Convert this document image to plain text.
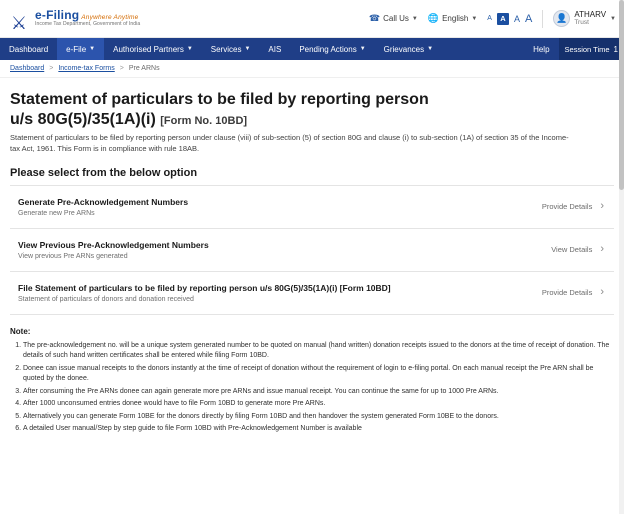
⚔ e-Filing Anywhere Anytime
Income Tax Department, Government of India
☎ Call Us ▼ 🌐 English ▼ A	A A A	👤 ATHARV
Trust
▼
Dashboard e-File ▼ Authorised Partners ▼ Services ▼ AIS Pending Actions ▼ Grievances ▼	Help Session Time 1
Dashboard > Income-tax Forms > Pre ARNs
Statement of particulars to be filed by reporting person
u/s 80G(5)/35(1A)(i) [Form No. 10BD]
Statement of particulars to be filed by reporting person under clause (viii) of sub-section (5) of section 80G and clause (i) to sub-section (1A) of section 35 of the Income-tax Act, 1961. This Form is in compliance with rule 18AB.
Please select from the below option
Generate Pre-Acknowledgement Numbers
Generate new Pre ARNs
Provide Details ›
View Previous Pre-Acknowledgement Numbers
View previous Pre ARNs generated
View Details ›
File Statement of particulars to be filed by reporting person u/s 80G(5)/35(1A)(i) [Form 10BD]
Statement of particulars of donors and donation received
Provide Details ›
Note:
1. The pre-acknowledgement no. will be a unique system generated number to be quoted on manual (hand written) donation receipts issued to the donors at the time of receipt of donation. The details of such hand written certificates shall be entered while filing Form 10BD.
2. Donee can issue manual receipts to the donors instantly at the time of receipt of donation without the requirement of login to e-filing portal. On each manual receipt the Pre ARN shall be quoted by the donee.
3. After consuming the Pre ARNs donee can again generate more pre ARNs and issue manual receipt. You can continue the same for up to 1000 Pre ARNs.
4. After 1000 unconsumed entries donee would have to file Form 10BD to generate more Pre ARNs.
5. Alternatively you can generate Form 10BE for the donors directly by filing Form 10BD and then handover the system generated Form 10BE to the donors.
6. A detailed User manual/Step by step guide to file Form 10BD with Pre-Acknowledgement Number is available
